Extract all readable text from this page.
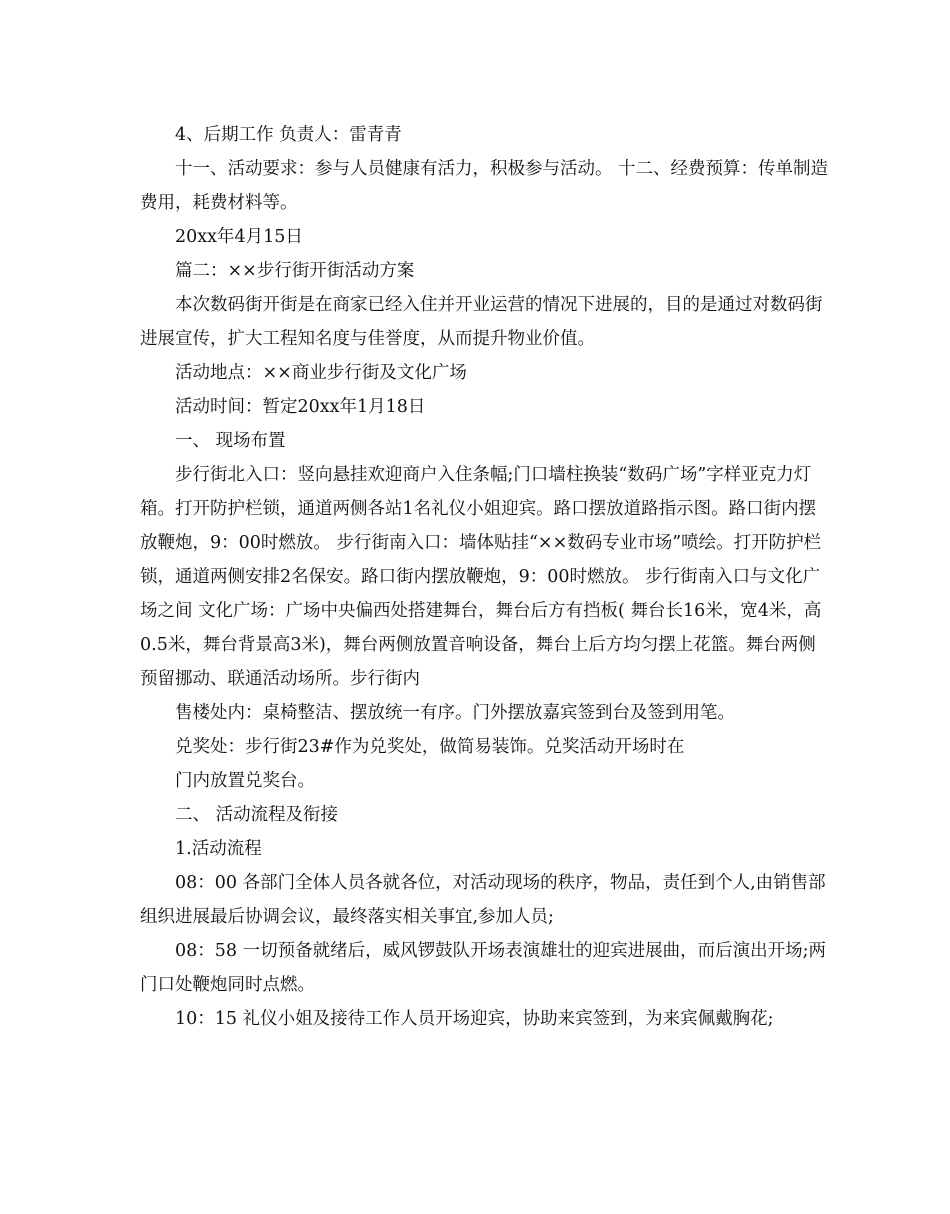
4、后期工作 负责人：雷青青

十一、活动要求：参与人员健康有活力，积极参与活动。 十二、经费预算：传单制造费用，耗费材料等。

20xx年4月15日

篇二：××步行街开街活动方案

本次数码街开街是在商家已经入住并开业运营的情况下进展的，目的是通过对数码街进展宣传，扩大工程知名度与佳誉度，从而提升物业价值。

活动地点：××商业步行街及文化广场

活动时间：暂定20xx年1月18日

一、 现场布置

步行街北入口：竖向悬挂欢迎商户入住条幅;门口墙柱换装“数码广场”字样亚克力灯箱。打开防护栏锁，通道两侧各站1名礼仪小姐迎宾。路口摆放道路指示图。路口街内摆放鞭炮，9：00时燃放。 步行街南入口：墙体贴挂“××数码专业市场”喷绘。打开防护栏锁，通道两侧安排2名保安。路口街内摆放鞭炮，9：00时燃放。 步行街南入口与文化广场之间 文化广场：广场中央偏西处搭建舞台，舞台后方有挡板( 舞台长16米，宽4米，高0.5米，舞台背景高3米)，舞台两侧放置音响设备，舞台上后方均匀摆上花篮。舞台两侧预留挪动、联通活动场所。步行街内

售楼处内：桌椅整洁、摆放统一有序。门外摆放嘉宾签到台及签到用笔。

兑奖处：步行街23#作为兑奖处，做简易装饰。兑奖活动开场时在

门内放置兑奖台。

二、 活动流程及衔接

1.活动流程

08：00 各部门全体人员各就各位，对活动现场的秩序，物品，责任到个人,由销售部组织进展最后协调会议，最终落实相关事宜,参加人员;

08：58 一切预备就绪后，威风锣鼓队开场表演雄壮的迎宾进展曲，而后演出开场;两门口处鞭炮同时点燃。

10：15 礼仪小姐及接待工作人员开场迎宾，协助来宾签到，为来宾佩戴胸花;
